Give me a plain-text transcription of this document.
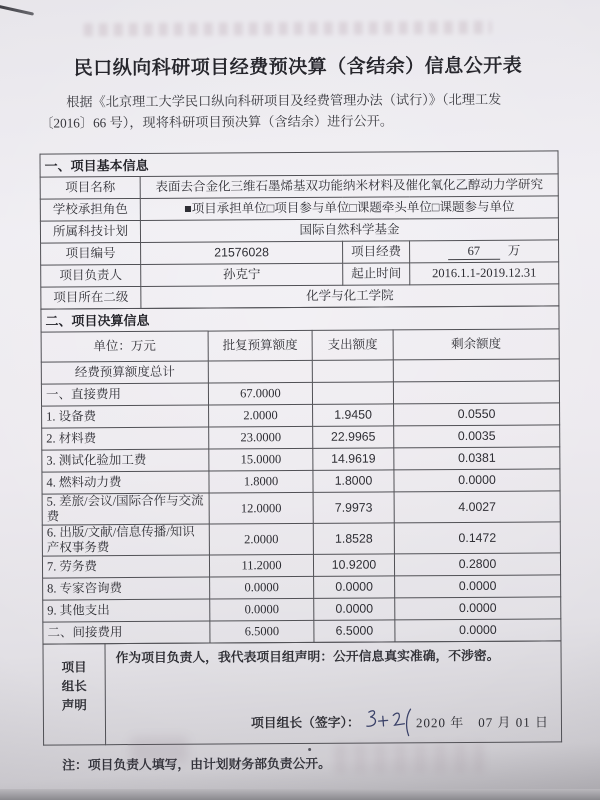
民口纵向科研项目经费预决算（含结余）信息公开表
根据《北京理工大学民口纵向科研项目及经费管理办法（试行）》（北理工发
〔2016〕66 号），现将科研项目预决算（含结余）进行公开。
一、项目基本信息			
项目名称	表面去合金化三维石墨烯基双功能纳米材料及催化氧化乙醇动力学研究		
学校承担角色	■项目承担单位□项目参与单位□课题牵头单位□课题参与单位		
所属科技计划	国际自然科学基金		
项目编号	21576028	项目经费	67 万
项目负责人	孙克宁	起止时间	2016.1.1-2019.12.31
项目所在二级	化学与化工学院		
二、项目决算信息			
单位：万元	批复预算额度	支出额度	剩余额度
经费预算额度总计			
一、直接费用	67.0000		
1. 设备费	2.0000	1.9450	0.0550
2. 材料费	23.0000	22.9965	0.0035
3. 测试化验加工费	15.0000	14.9619	0.0381
4. 燃料动力费	1.8000	1.8000	0.0000
5. 差旅/会议/国际合作与交流费	12.0000	7.9973	4.0027
6. 出版/文献/信息传播/知识产权事务费	2.0000	1.8528	0.1472
7. 劳务费	11.2000	10.9200	0.2800
8. 专家咨询费	0.0000	0.0000	0.0000
9. 其他支出	0.0000	0.0000	0.0000
二、间接费用	6.5000	6.5000	0.0000
项目
组长
声明	
作为项目负责人，我代表项目组声明：公开信息真实准确，不涉密。
项目组长（签字）：	2020 年　07 月 01 日
注：项目负责人填写，由计划财务部负责公开。
